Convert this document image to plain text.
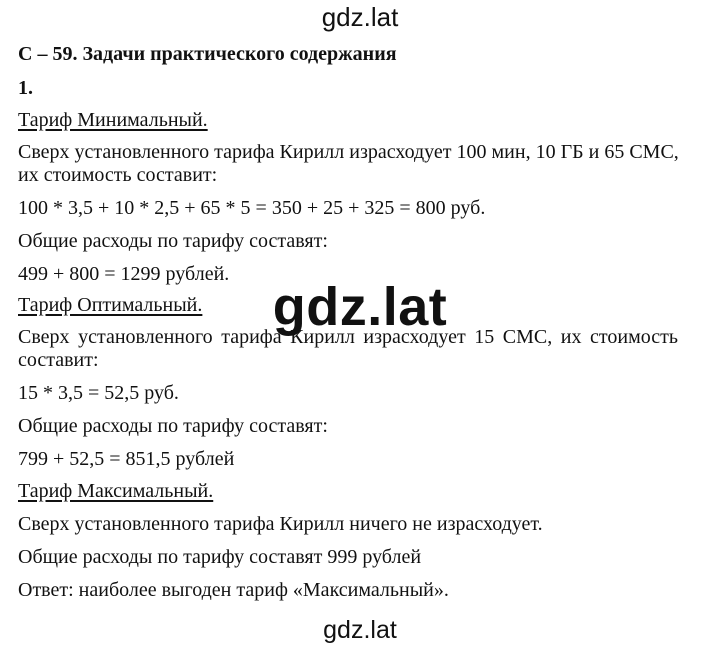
gdz.lat
С – 59. Задачи практического содержания
1.
Тариф Минимальный.
Сверх установленного тарифа Кирилл израсходует 100 мин, 10 ГБ и 65 СМС,
их стоимость составит:
100 * 3,5 + 10 * 2,5 + 65 * 5 = 350 + 25 + 325 = 800 руб.
Общие расходы по тарифу составят:
499 + 800 = 1299 рублей.
Тариф Оптимальный.
Сверх установленного тарифа Кирилл израсходует 15 СМС, их стоимость
составит:
15 * 3,5 = 52,5 руб.
Общие расходы по тарифу составят:
799 + 52,5 = 851,5 рублей
Тариф Максимальный.
Сверх установленного тарифа Кирилл ничего не израсходует.
Общие расходы по тарифу составят 999 рублей
Ответ: наиболее выгоден тариф «Максимальный».
gdz.lat
gdz.lat
